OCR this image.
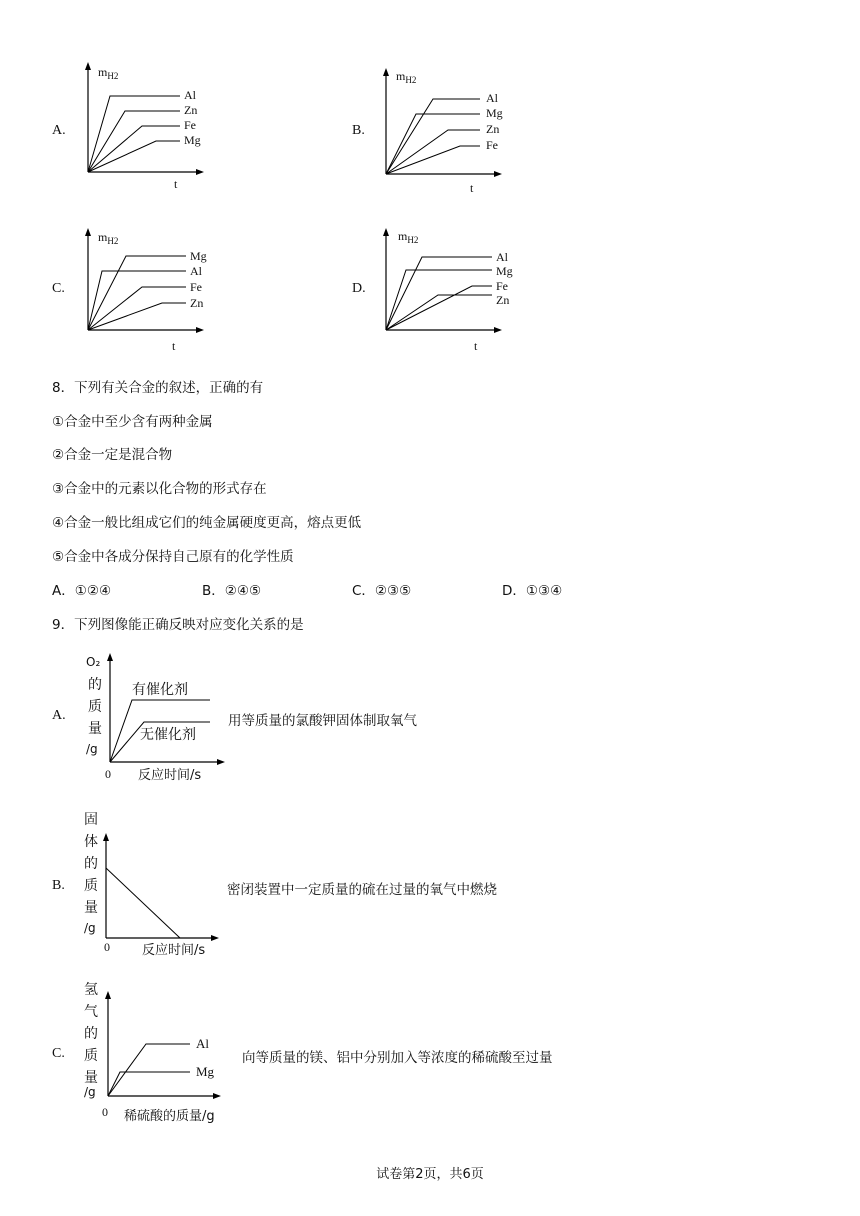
A.
$m_{H2}$
t
Al
Zn
Fe
Mg
B.
$m_{H2}$
t
Al
Mg
Zn
Fe
C.
$m_{H2}$
t
Mg
Al
Fe
Zn
D.
$m_{H2}$
t
Al
Mg
Fe
Zn
8．下列有关合金的叙述，正确的有
①合金中至少含有两种金属
②合金一定是混合物
③合金中的元素以化合物的形式存在
④合金一般比组成它们的纯金属硬度更高，熔点更低
⑤合金中各成分保持自己原有的化学性质
A．①②④	B．②④⑤	C．②③⑤	D．①③④
9．下列图像能正确反映对应变化关系的是
A.
O₂
的
质
量
/g
0 反应时间/s
有催化剂
无催化剂
用等质量的氯酸钾固体制取氧气
B.
固
体
的
质
量
/g
0 反应时间/s
密闭装置中一定质量的硫在过量的氧气中燃烧
C.
氢
气
的
质
量
/g
0 稀硫酸的质量/g
Al
Mg
向等质量的镁、铝中分别加入等浓度的稀硫酸至过量
试卷第2页，共6页
